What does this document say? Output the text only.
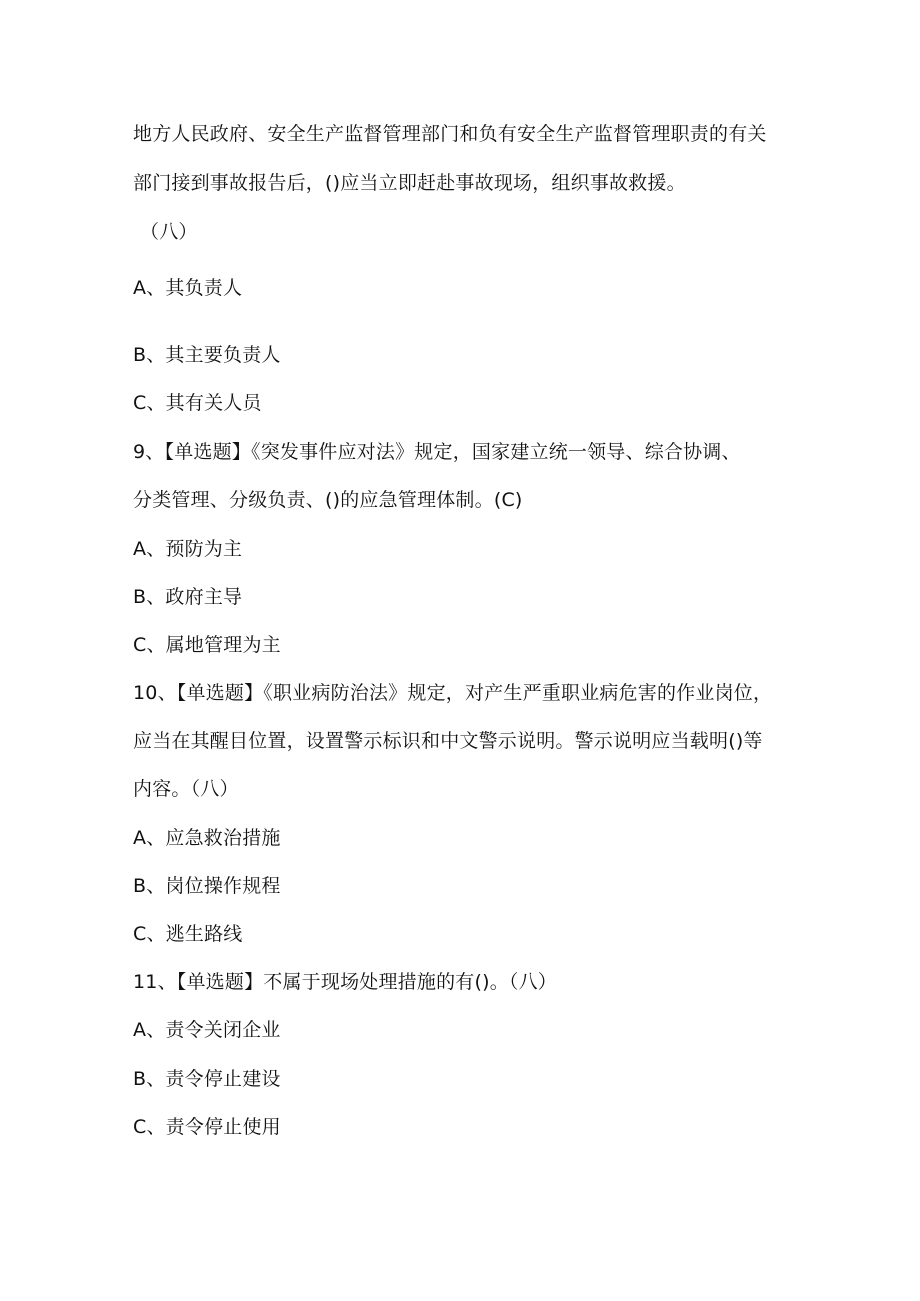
地方人民政府、安全生产监督管理部门和负有安全生产监督管理职责的有关
部门接到事故报告后，()应当立即赶赴事故现场，组织事故救援。
（八）
A、其负责人
B、其主要负责人
C、其有关人员
9、【单选题】《突发事件应对法》规定，国家建立统一领导、综合协调、
分类管理、分级负责、()的应急管理体制。(C)
A、预防为主
B、政府主导
C、属地管理为主
10、【单选题】《职业病防治法》规定，对产生严重职业病危害的作业岗位，
应当在其醒目位置，设置警示标识和中文警示说明。警示说明应当载明()等
内容。（八）
A、应急救治措施
B、岗位操作规程
C、逃生路线
11、【单选题】不属于现场处理措施的有()。（八）
A、责令关闭企业
B、责令停止建设
C、责令停止使用
